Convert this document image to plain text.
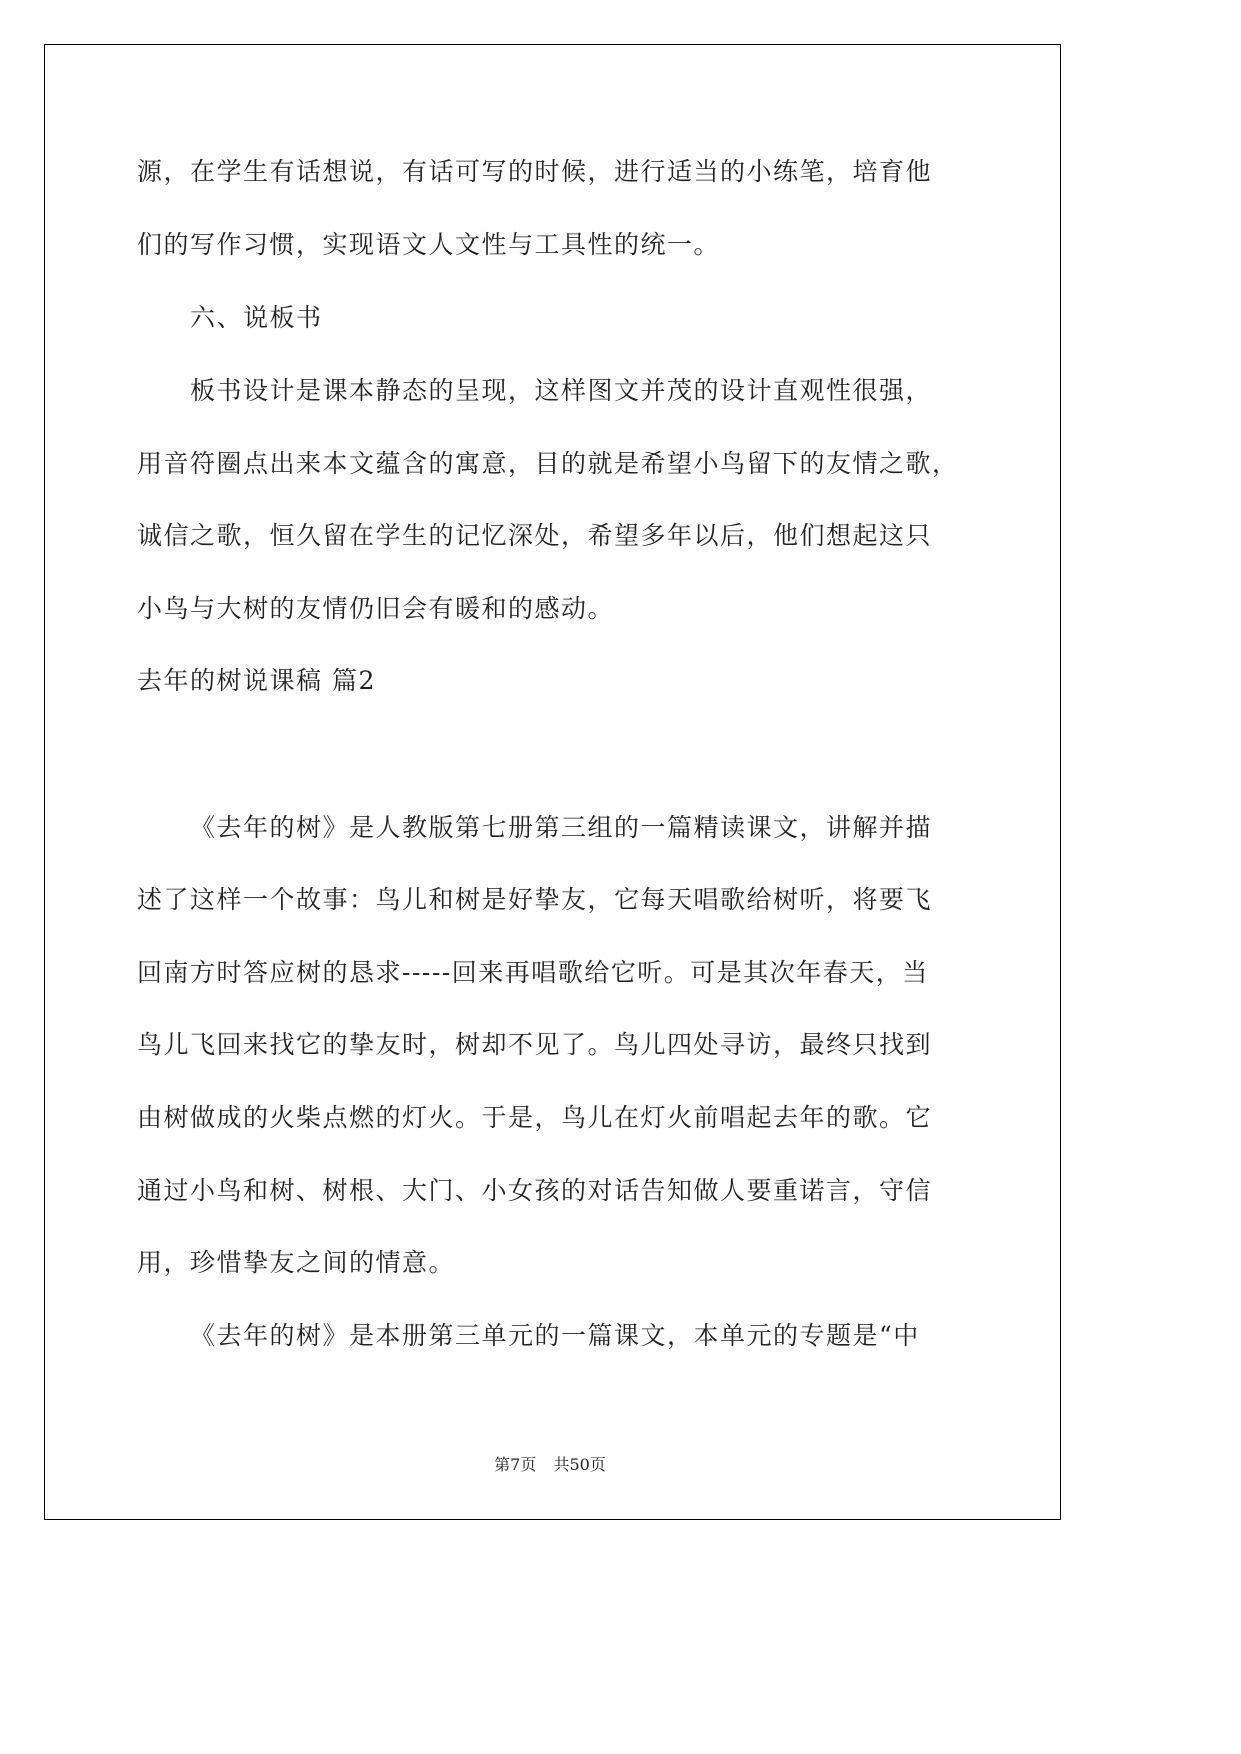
源，在学生有话想说，有话可写的时候，进行适当的小练笔，培育他
们的写作习惯，实现语文人文性与工具性的统一。
六、说板书
板书设计是课本静态的呈现，这样图文并茂的设计直观性很强，
用音符圈点出来本文蕴含的寓意，目的就是希望小鸟留下的友情之歌，
诚信之歌，恒久留在学生的记忆深处，希望多年以后，他们想起这只
小鸟与大树的友情仍旧会有暖和的感动。
去年的树说课稿 篇2
《去年的树》是人教版第七册第三组的一篇精读课文，讲解并描
述了这样一个故事：鸟儿和树是好挚友，它每天唱歌给树听，将要飞
回南方时答应树的恳求-----回来再唱歌给它听。可是其次年春天，当
鸟儿飞回来找它的挚友时，树却不见了。鸟儿四处寻访，最终只找到
由树做成的火柴点燃的灯火。于是，鸟儿在灯火前唱起去年的歌。它
通过小鸟和树、树根、大门、小女孩的对话告知做人要重诺言，守信
用，珍惜挚友之间的情意。
《去年的树》是本册第三单元的一篇课文，本单元的专题是“中
第7页 共50页
